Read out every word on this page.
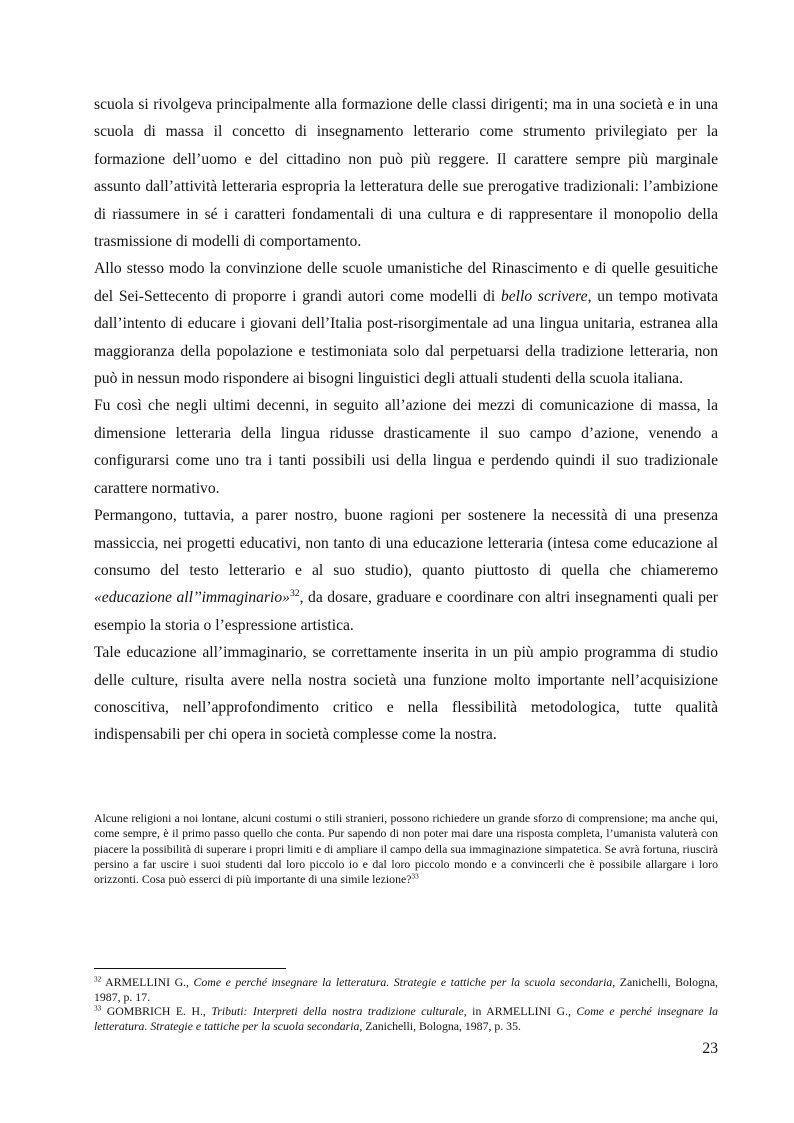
scuola si rivolgeva principalmente alla formazione delle classi dirigenti; ma in una società e in una scuola di massa il concetto di insegnamento letterario come strumento privilegiato per la formazione dell’uomo e del cittadino non può più reggere. Il carattere sempre più marginale assunto dall’attività letteraria espropria la letteratura delle sue prerogative tradizionali: l’ambizione di riassumere in sé i caratteri fondamentali di una cultura e di rappresentare il monopolio della trasmissione di modelli di comportamento.

Allo stesso modo la convinzione delle scuole umanistiche del Rinascimento e di quelle gesuitiche del Sei-Settecento di proporre i grandi autori come modelli di bello scrivere, un tempo motivata dall’intento di educare i giovani dell’Italia post-risorgimentale ad una lingua unitaria, estranea alla maggioranza della popolazione e testimoniata solo dal perpetuarsi della tradizione letteraria, non può in nessun modo rispondere ai bisogni linguistici degli attuali studenti della scuola italiana.

Fu così che negli ultimi decenni, in seguito all’azione dei mezzi di comunicazione di massa, la dimensione letteraria della lingua ridusse drasticamente il suo campo d’azione, venendo a configurarsi come uno tra i tanti possibili usi della lingua e perdendo quindi il suo tradizionale carattere normativo.

Permangono, tuttavia, a parer nostro, buone ragioni per sostenere la necessità di una presenza massiccia, nei progetti educativi, non tanto di una educazione letteraria (intesa come educazione al consumo del testo letterario e al suo studio), quanto piuttosto di quella che chiameremo «educazione all’’immaginario»$^{32}$, da dosare, graduare e coordinare con altri insegnamenti quali per esempio la storia o l’espressione artistica.

Tale educazione all’immaginario, se correttamente inserita in un più ampio programma di studio delle culture, risulta avere nella nostra società una funzione molto importante nell’acquisizione conoscitiva, nell’approfondimento critico e nella flessibilità metodologica, tutte qualità indispensabili per chi opera in società complesse come la nostra.

Alcune religioni a noi lontane, alcuni costumi o stili stranieri, possono richiedere un grande sforzo di comprensione; ma anche qui, come sempre, è il primo passo quello che conta. Pur sapendo di non poter mai dare una risposta completa, l’umanista valuterà con piacere la possibilità di superare i propri limiti e di ampliare il campo della sua immaginazione simpatetica. Se avrà fortuna, riuscirà persino a far uscire i suoi studenti dal loro piccolo io e dal loro piccolo mondo e a convincerli che è possibile allargare i loro orizzonti. Cosa può esserci di più importante di una simile lezione?$^{33}$

$^{32}$ ARMELLINI G., Come e perché insegnare la letteratura. Strategie e tattiche per la scuola secondaria, Zanichelli, Bologna, 1987, p. 17.

$^{33}$ GOMBRICH E. H., Tributi: Interpreti della nostra tradizione culturale, in ARMELLINI G., Come e perché insegnare la letteratura. Strategie e tattiche per la scuola secondaria, Zanichelli, Bologna, 1987, p. 35.

23
